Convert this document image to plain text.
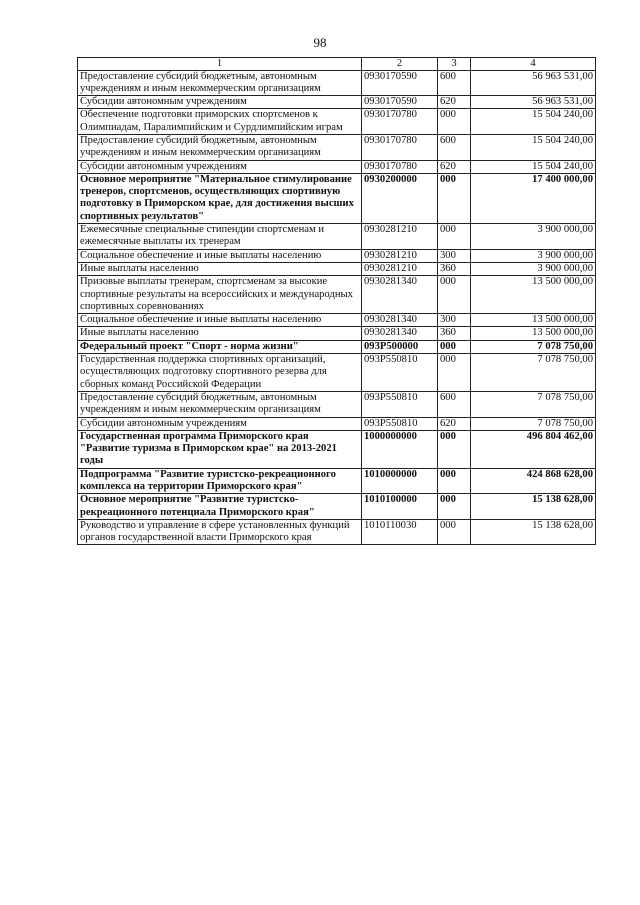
98
1	2	3	4
Предоставление субсидий бюджетным, автономным учреждениям и иным некоммерческим организациям	0930170590	600	56 963 531,00
Субсидии автономным учреждениям	0930170590	620	56 963 531,00
Обеспечение подготовки приморских спортсменов к Олимпиадам, Паралимпийским и Сурдлимпийским играм	0930170780	000	15 504 240,00
Предоставление субсидий бюджетным, автономным учреждениям и иным некоммерческим организациям	0930170780	600	15 504 240,00
Субсидии автономным учреждениям	0930170780	620	15 504 240,00
Основное мероприятие "Материальное стимулирование тренеров, спортсменов, осуществляющих спортивную подготовку в Приморском крае, для достижения высших спортивных результатов"	0930200000	000	17 400 000,00
Ежемесячные специальные стипендии спортсменам и ежемесячные выплаты их тренерам	0930281210	000	3 900 000,00
Социальное обеспечение и иные выплаты населению	0930281210	300	3 900 000,00
Иные выплаты населению	0930281210	360	3 900 000,00
Призовые выплаты тренерам, спортсменам за высокие спортивные результаты на всероссийских и международных спортивных соревнованиях	0930281340	000	13 500 000,00
Социальное обеспечение и иные выплаты населению	0930281340	300	13 500 000,00
Иные выплаты населению	0930281340	360	13 500 000,00
Федеральный проект "Спорт - норма жизни"	093P500000	000	7 078 750,00
Государственная поддержка спортивных организаций, осуществляющих подготовку спортивного резерва для сборных команд Российской Федерации	093P550810	000	7 078 750,00
Предоставление субсидий бюджетным, автономным учреждениям и иным некоммерческим организациям	093P550810	600	7 078 750,00
Субсидии автономным учреждениям	093P550810	620	7 078 750,00
Государственная программа Приморского края "Развитие туризма в Приморском крае" на 2013-2021 годы	1000000000	000	496 804 462,00
Подпрограмма "Развитие туристско-рекреационного комплекса на территории Приморского края"	1010000000	000	424 868 628,00
Основное мероприятие "Развитие туристско-рекреационного потенциала Приморского края"	1010100000	000	15 138 628,00
Руководство и управление в сфере установленных функций органов государственной власти Приморского края	1010110030	000	15 138 628,00
